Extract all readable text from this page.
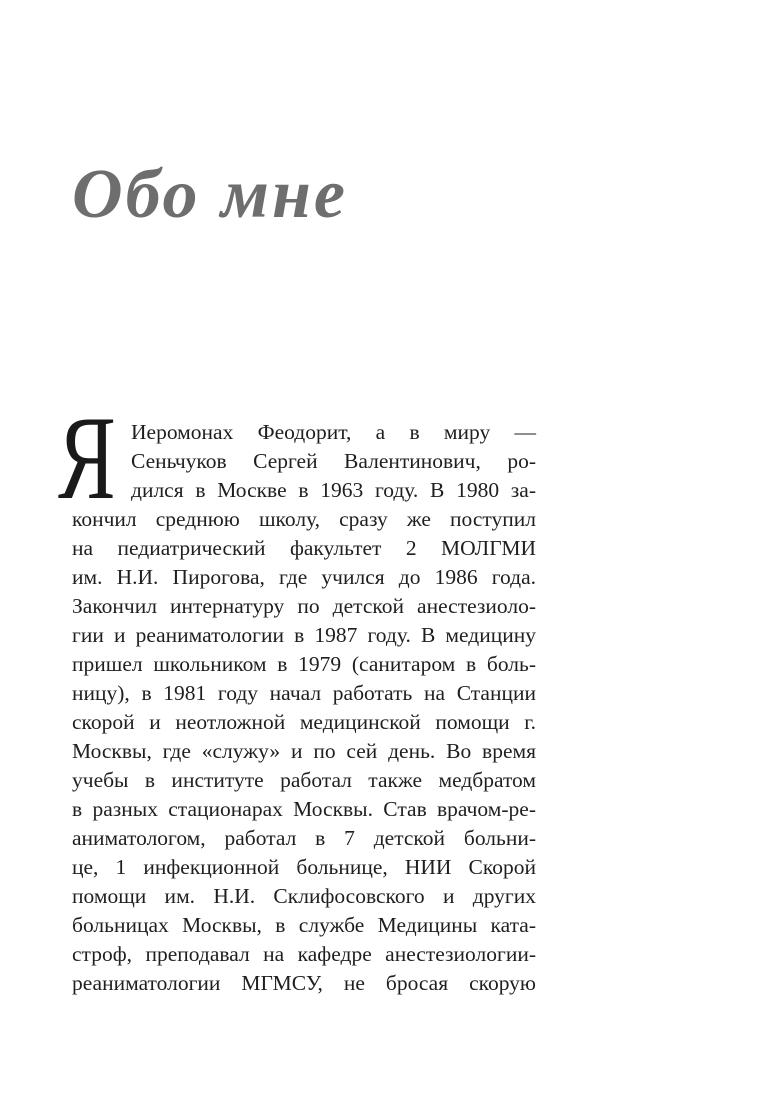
Обо мне
Я Иеромонах Феодорит, а в миру —
Сеньчуков Сергей Валентинович, ро-
дился в Москве в 1963 году. В 1980 за-
кончил среднюю школу, сразу же поступил
на педиатрический факультет 2 МОЛГМИ
им. Н.И. Пирогова, где учился до 1986 года.
Закончил интернатуру по детской анестезиоло-
гии и реаниматологии в 1987 году. В медицину
пришел школьником в 1979 (санитаром в боль-
ницу), в 1981 году начал работать на Станции
скорой и неотложной медицинской помощи г.
Москвы, где «служу» и по сей день. Во время
учебы в институте работал также медбратом
в разных стационарах Москвы. Став врачом-ре-
аниматологом, работал в 7 детской больни-
це, 1 инфекционной больнице, НИИ Скорой
помощи им. Н.И. Склифосовского и других
больницах Москвы, в службе Медицины ката-
строф, преподавал на кафедре анестезиологии-
реаниматологии МГМСУ, не бросая скорую
